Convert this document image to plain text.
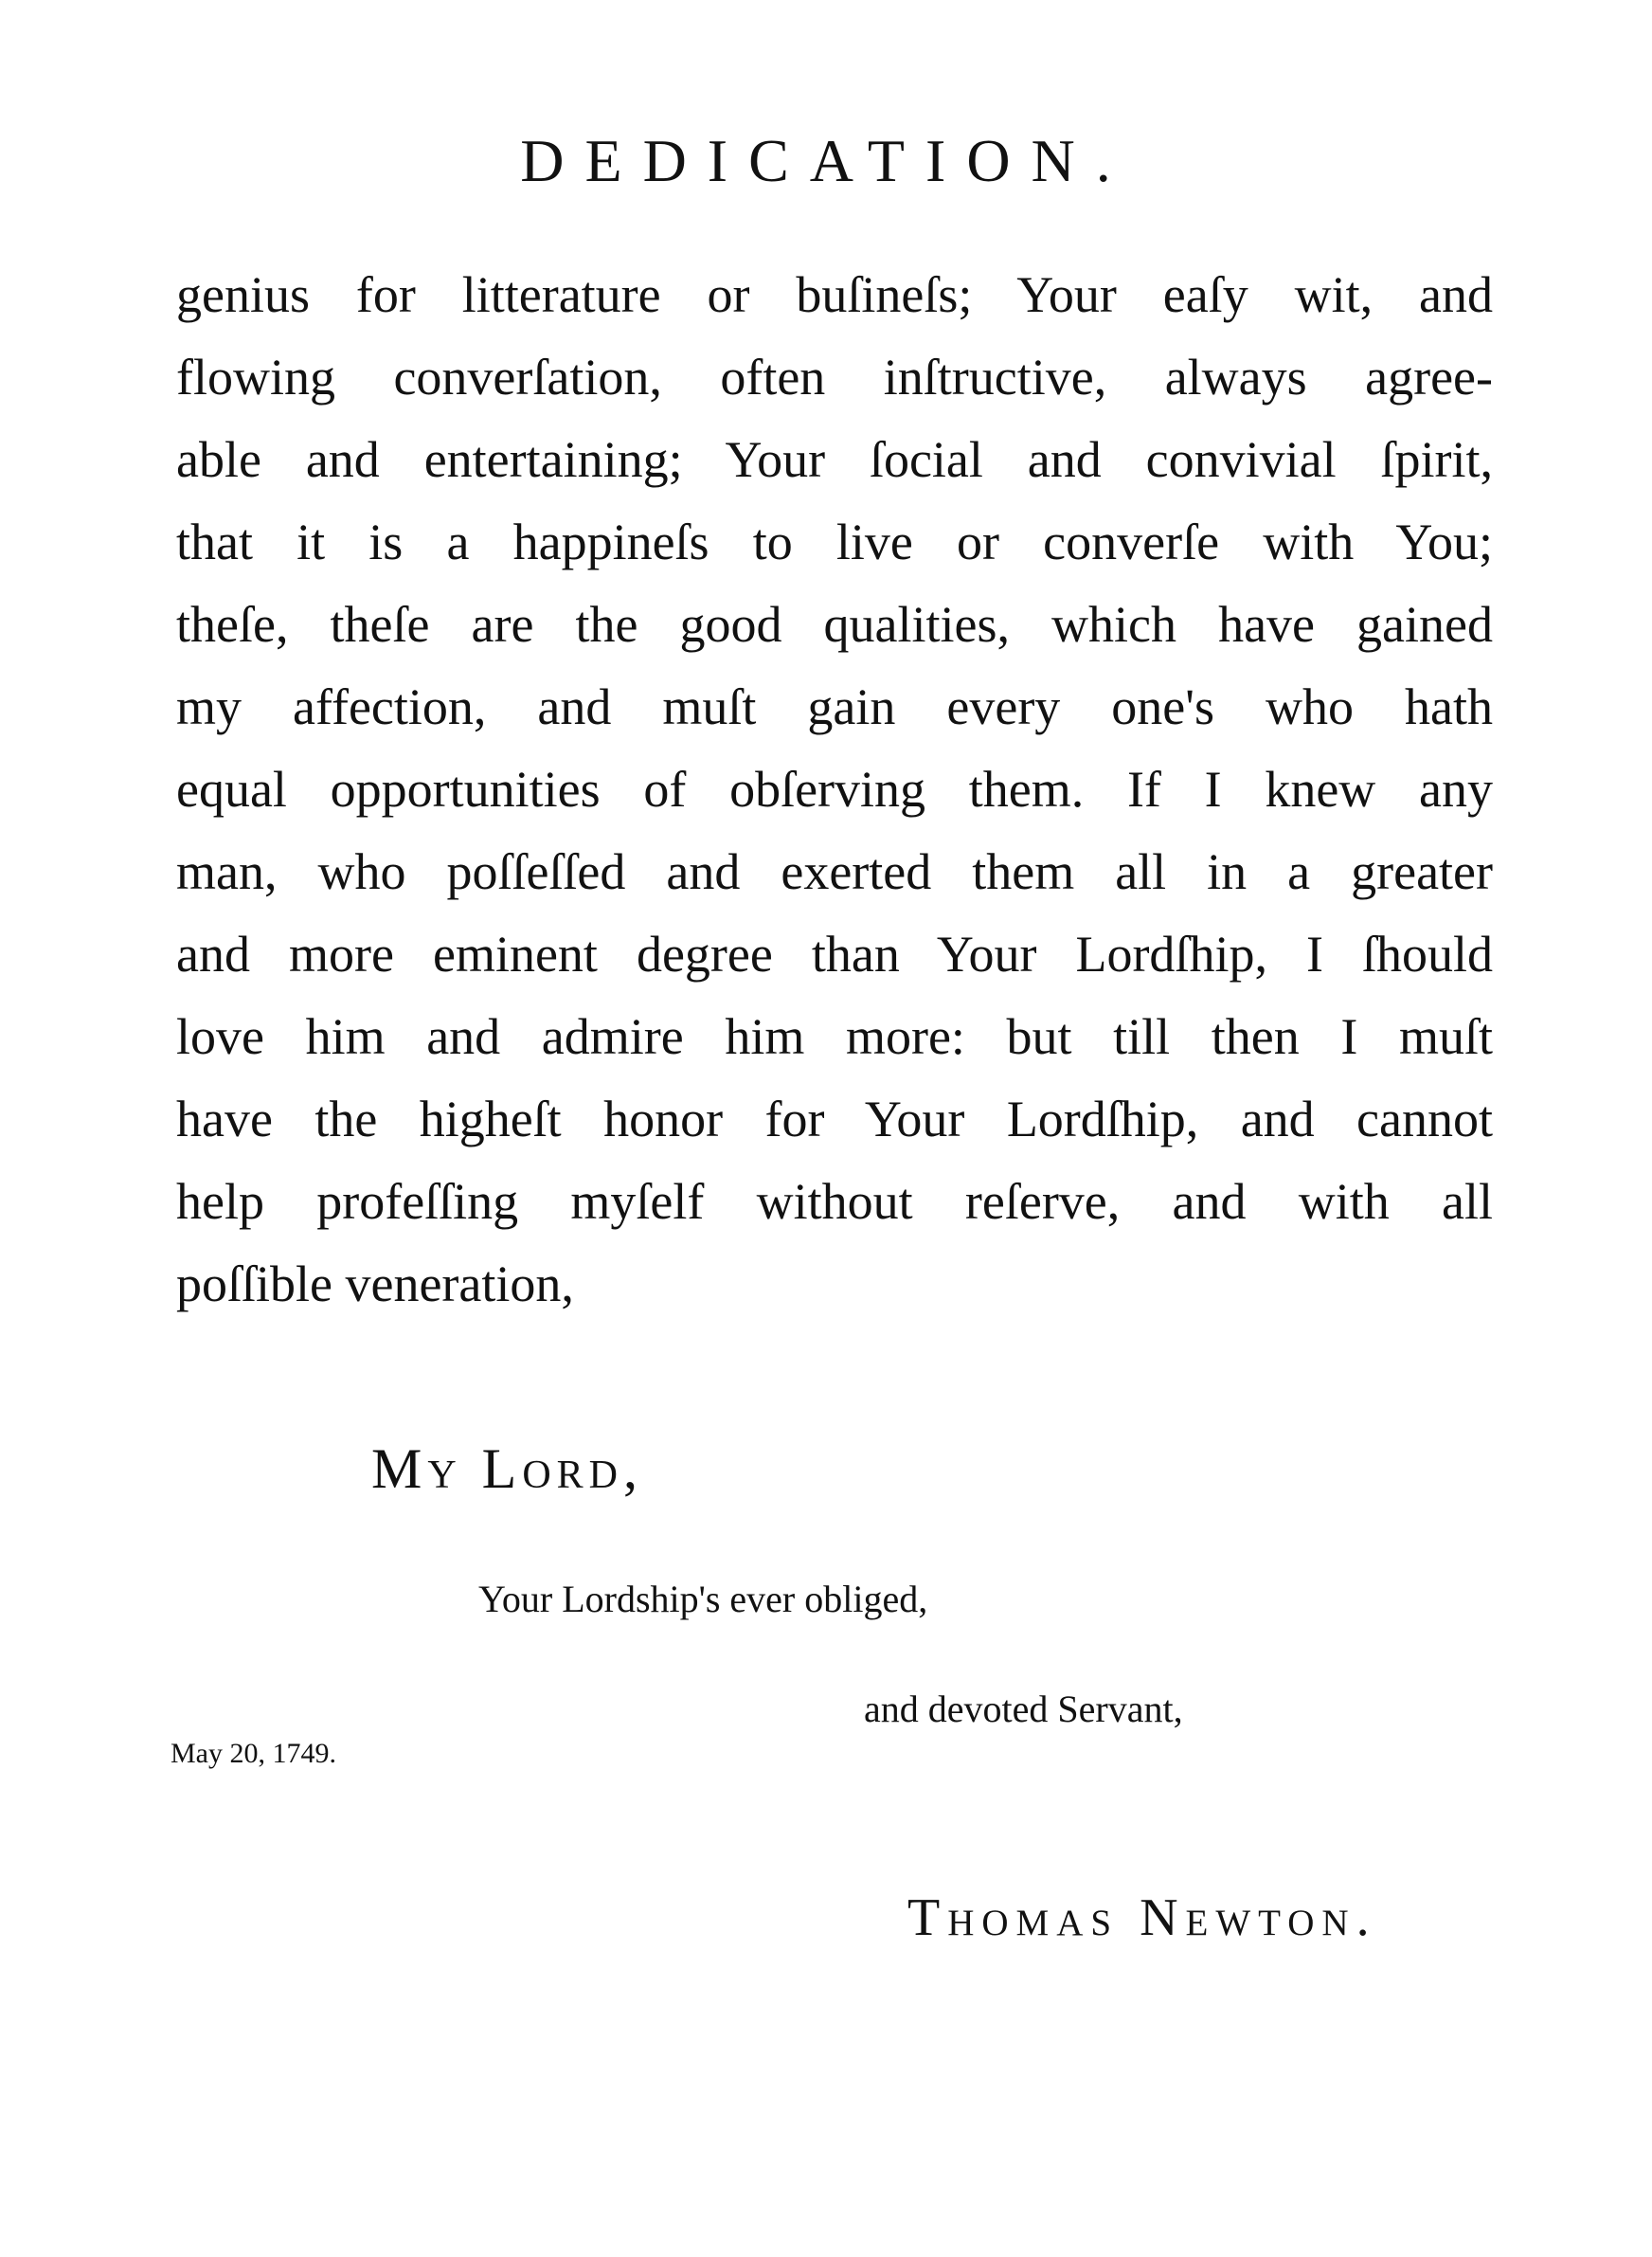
DEDICATION.
genius for litterature or buſineſs; Your eaſy wit, and
flowing converſation, often inſtructive, always agree-
able and entertaining; Your ſocial and convivial ſpirit,
that it is a happineſs to live or converſe with You;
theſe, theſe are the good qualities, which have gained
my affection, and muſt gain every one's who hath
equal opportunities of obſerving them. If I knew any
man, who poſſeſſed and exerted them all in a greater
and more eminent degree than Your Lordſhip, I ſhould
love him and admire him more: but till then I muſt
have the higheſt honor for Your Lordſhip, and cannot
help profeſſing myſelf without reſerve, and with all
poſſible veneration,
My Lord,
Your Lordship's ever obliged,
and devoted Servant,
May 20, 1749.
Thomas Newton.
